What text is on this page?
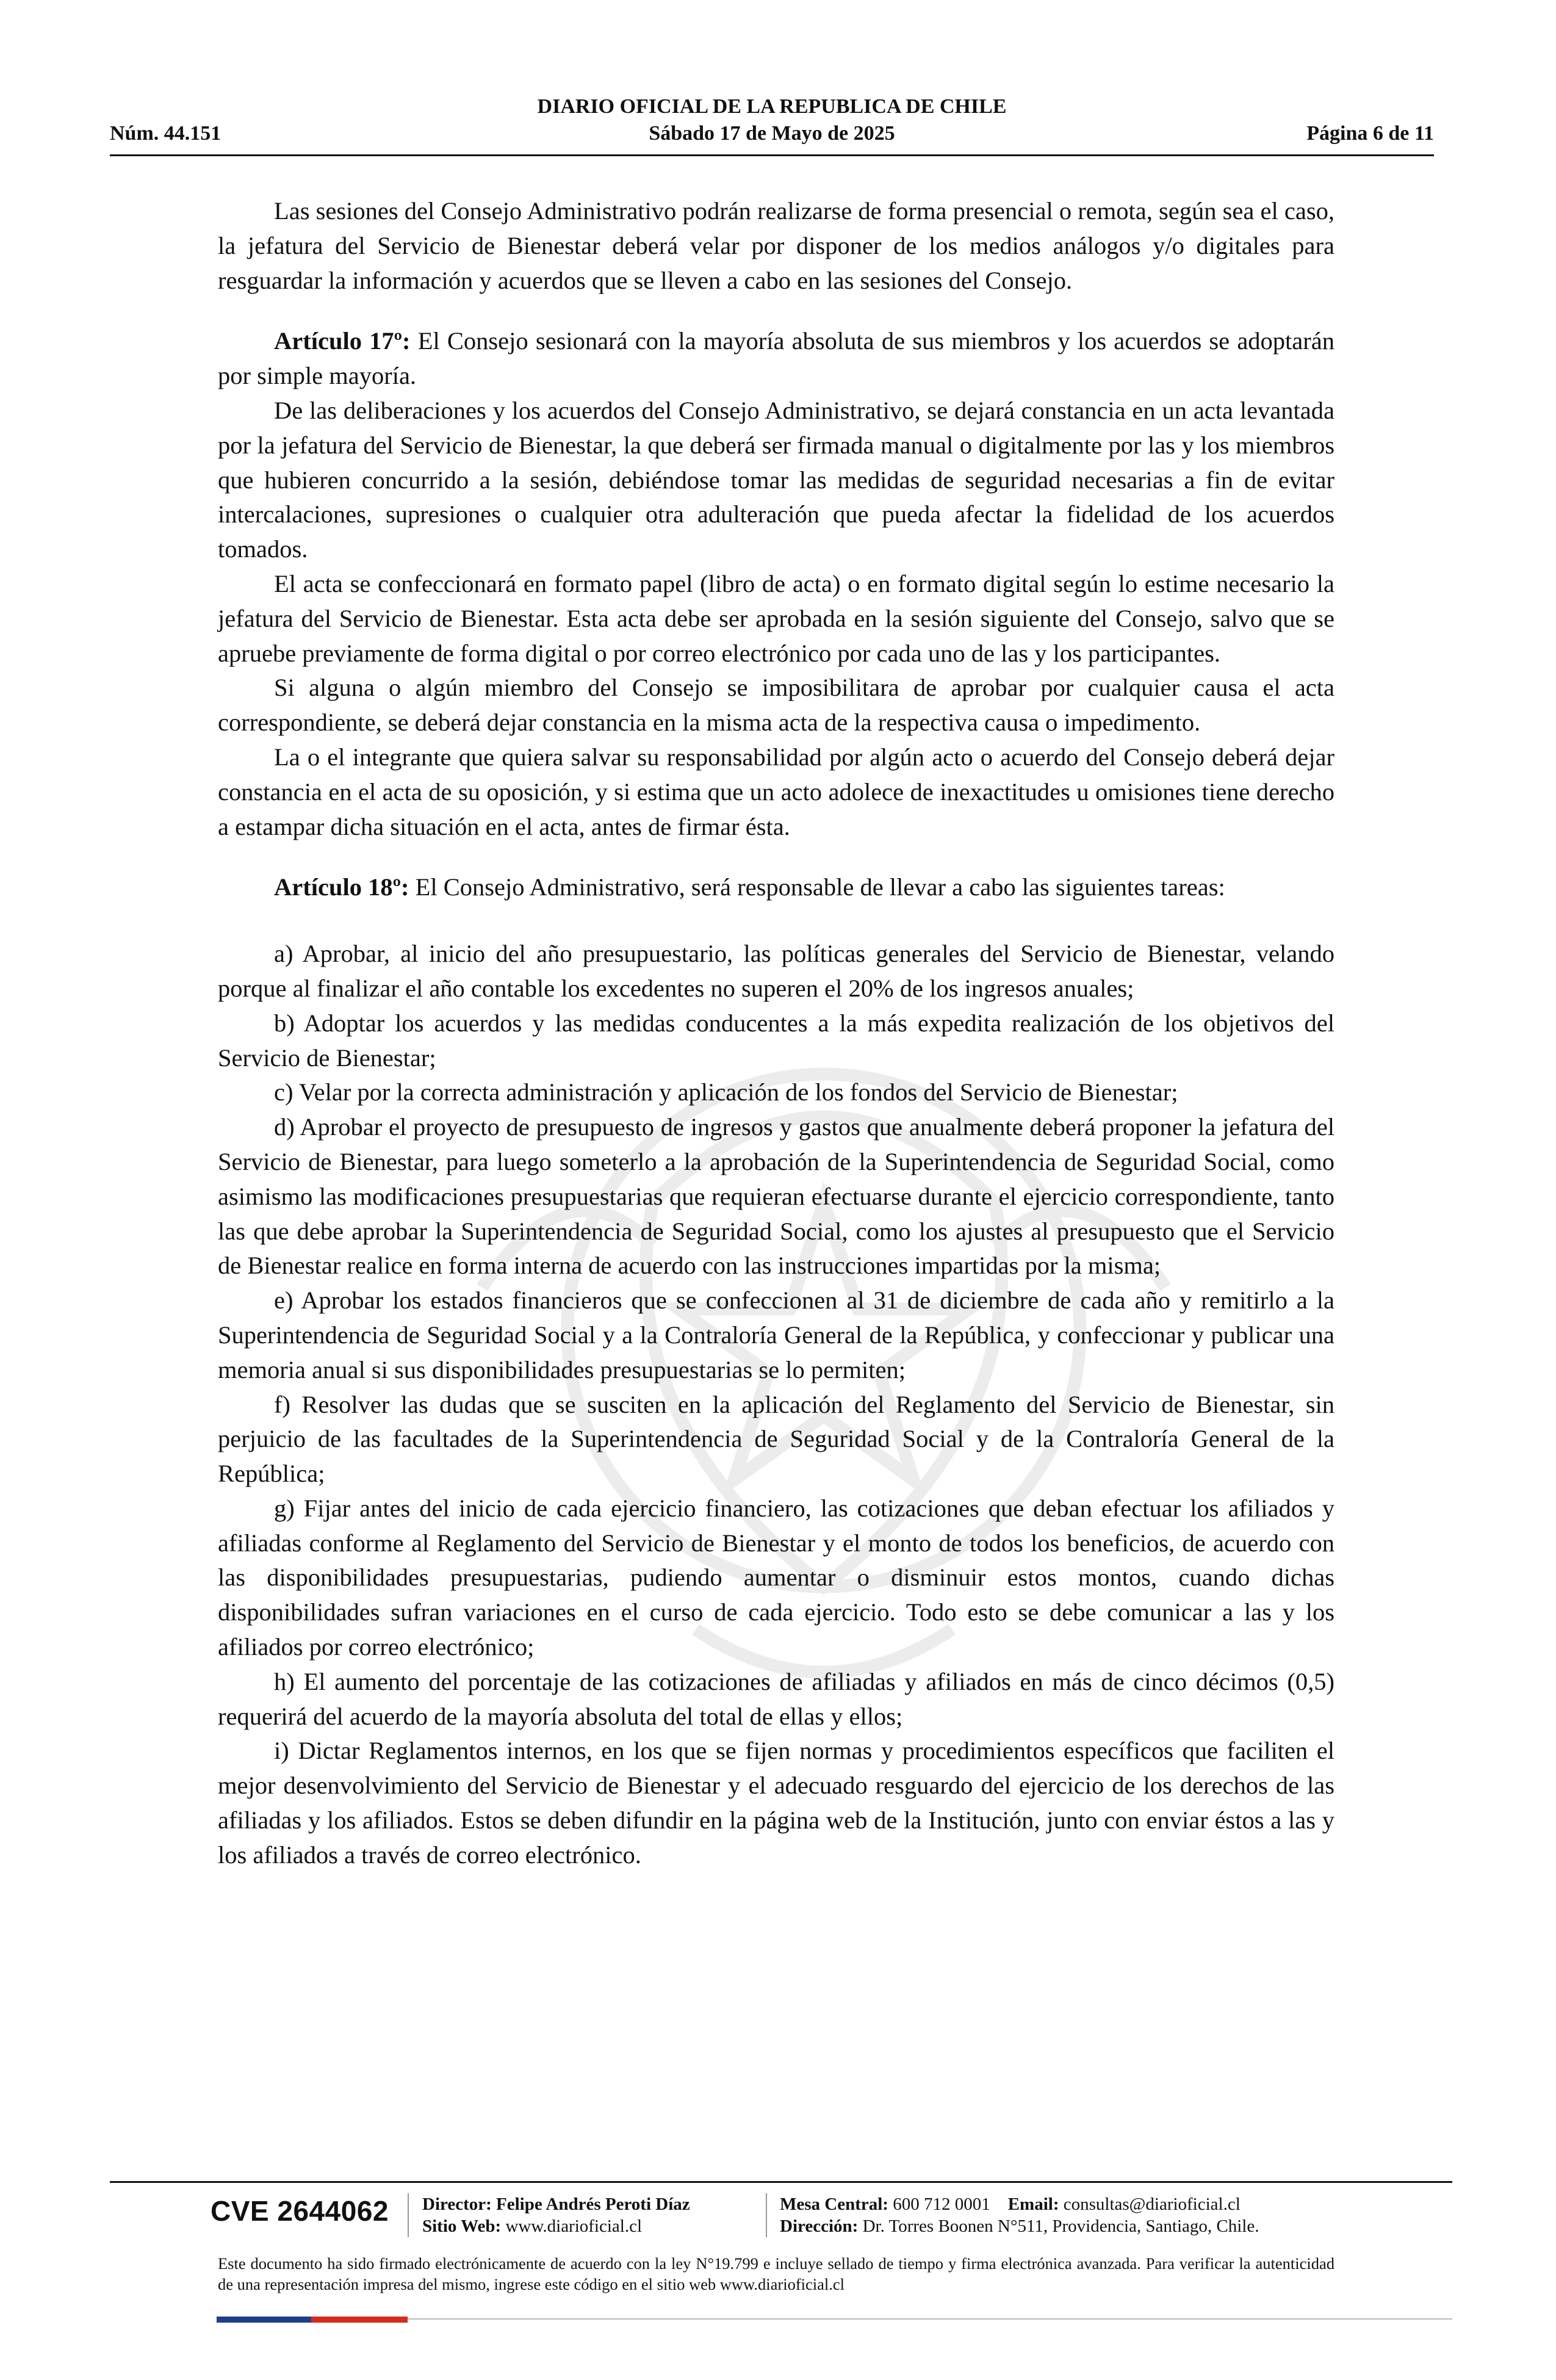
DIARIO OFICIAL DE LA REPUBLICA DE CHILE
Núm. 44.151	Sábado 17 de Mayo de 2025	Página 6 de 11

Las sesiones del Consejo Administrativo podrán realizarse de forma presencial o remota, según sea el caso, la jefatura del Servicio de Bienestar deberá velar por disponer de los medios análogos y/o digitales para resguardar la información y acuerdos que se lleven a cabo en las sesiones del Consejo.

Artículo 17º: El Consejo sesionará con la mayoría absoluta de sus miembros y los acuerdos se adoptarán por simple mayoría.

De las deliberaciones y los acuerdos del Consejo Administrativo, se dejará constancia en un acta levantada por la jefatura del Servicio de Bienestar, la que deberá ser firmada manual o digitalmente por las y los miembros que hubieren concurrido a la sesión, debiéndose tomar las medidas de seguridad necesarias a fin de evitar intercalaciones, supresiones o cualquier otra adulteración que pueda afectar la fidelidad de los acuerdos tomados.

El acta se confeccionará en formato papel (libro de acta) o en formato digital según lo estime necesario la jefatura del Servicio de Bienestar. Esta acta debe ser aprobada en la sesión siguiente del Consejo, salvo que se apruebe previamente de forma digital o por correo electrónico por cada uno de las y los participantes.

Si alguna o algún miembro del Consejo se imposibilitara de aprobar por cualquier causa el acta correspondiente, se deberá dejar constancia en la misma acta de la respectiva causa o impedimento.

La o el integrante que quiera salvar su responsabilidad por algún acto o acuerdo del Consejo deberá dejar constancia en el acta de su oposición, y si estima que un acto adolece de inexactitudes u omisiones tiene derecho a estampar dicha situación en el acta, antes de firmar ésta.

Artículo 18º: El Consejo Administrativo, será responsable de llevar a cabo las siguientes tareas:

a) Aprobar, al inicio del año presupuestario, las políticas generales del Servicio de Bienestar, velando porque al finalizar el año contable los excedentes no superen el 20% de los ingresos anuales;

b) Adoptar los acuerdos y las medidas conducentes a la más expedita realización de los objetivos del Servicio de Bienestar;

c) Velar por la correcta administración y aplicación de los fondos del Servicio de Bienestar;

d) Aprobar el proyecto de presupuesto de ingresos y gastos que anualmente deberá proponer la jefatura del Servicio de Bienestar, para luego someterlo a la aprobación de la Superintendencia de Seguridad Social, como asimismo las modificaciones presupuestarias que requieran efectuarse durante el ejercicio correspondiente, tanto las que debe aprobar la Superintendencia de Seguridad Social, como los ajustes al presupuesto que el Servicio de Bienestar realice en forma interna de acuerdo con las instrucciones impartidas por la misma;

e) Aprobar los estados financieros que se confeccionen al 31 de diciembre de cada año y remitirlo a la Superintendencia de Seguridad Social y a la Contraloría General de la República, y confeccionar y publicar una memoria anual si sus disponibilidades presupuestarias se lo permiten;

f) Resolver las dudas que se susciten en la aplicación del Reglamento del Servicio de Bienestar, sin perjuicio de las facultades de la Superintendencia de Seguridad Social y de la Contraloría General de la República;

g) Fijar antes del inicio de cada ejercicio financiero, las cotizaciones que deban efectuar los afiliados y afiliadas conforme al Reglamento del Servicio de Bienestar y el monto de todos los beneficios, de acuerdo con las disponibilidades presupuestarias, pudiendo aumentar o disminuir estos montos, cuando dichas disponibilidades sufran variaciones en el curso de cada ejercicio. Todo esto se debe comunicar a las y los afiliados por correo electrónico;

h) El aumento del porcentaje de las cotizaciones de afiliadas y afiliados en más de cinco décimos (0,5) requerirá del acuerdo de la mayoría absoluta del total de ellas y ellos;

i) Dictar Reglamentos internos, en los que se fijen normas y procedimientos específicos que faciliten el mejor desenvolvimiento del Servicio de Bienestar y el adecuado resguardo del ejercicio de los derechos de las afiliadas y los afiliados. Estos se deben difundir en la página web de la Institución, junto con enviar éstos a las y los afiliados a través de correo electrónico.

CVE 2644062 Director: Felipe Andrés Peroti Díaz
Sitio Web: www.diarioficial.cl
Mesa Central: 600 712 0001 Email: consultas@diarioficial.cl
Dirección: Dr. Torres Boonen N°511, Providencia, Santiago, Chile.
Este documento ha sido firmado electrónicamente de acuerdo con la ley N°19.799 e incluye sellado de tiempo y firma electrónica avanzada. Para verificar la autenticidad de una representación impresa del mismo, ingrese este código en el sitio web www.diarioficial.cl
